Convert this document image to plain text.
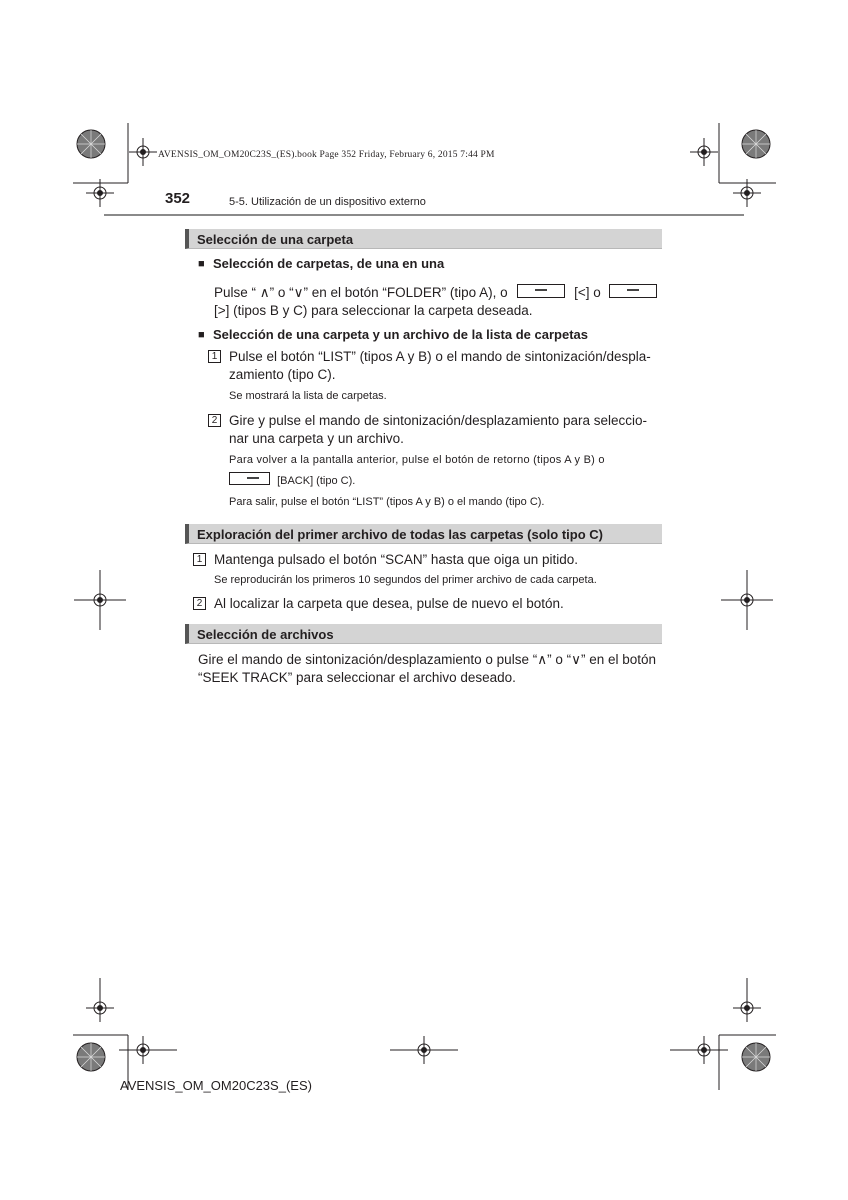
AVENSIS_OM_OM20C23S_(ES).book Page 352 Friday, February 6, 2015 7:44 PM
352	5-5. Utilización de un dispositivo externo
Selección de una carpeta
■ Selección de carpetas, de una en una
Pulse “ ∧” o “∨” en el botón “FOLDER” (tipo A), o	[<] o
[>] (tipos B y C) para seleccionar la carpeta deseada.
■ Selección de una carpeta y un archivo de la lista de carpetas
1 Pulse el botón “LIST” (tipos A y B) o el mando de sintonización/despla-
zamiento (tipo C).
Se mostrará la lista de carpetas.
2 Gire y pulse el mando de sintonización/desplazamiento para seleccio-
nar una carpeta y un archivo.
Para volver a la pantalla anterior, pulse el botón de retorno (tipos A y B) o
[BACK] (tipo C).
Para salir, pulse el botón “LIST” (tipos A y B) o el mando (tipo C).
Exploración del primer archivo de todas las carpetas (solo tipo C)
1 Mantenga pulsado el botón “SCAN” hasta que oiga un pitido.
Se reproducirán los primeros 10 segundos del primer archivo de cada carpeta.
2 Al localizar la carpeta que desea, pulse de nuevo el botón.
Selección de archivos
Gire el mando de sintonización/desplazamiento o pulse “∧” o “∨” en el botón
“SEEK TRACK” para seleccionar el archivo deseado.
AVENSIS_OM_OM20C23S_(ES)
